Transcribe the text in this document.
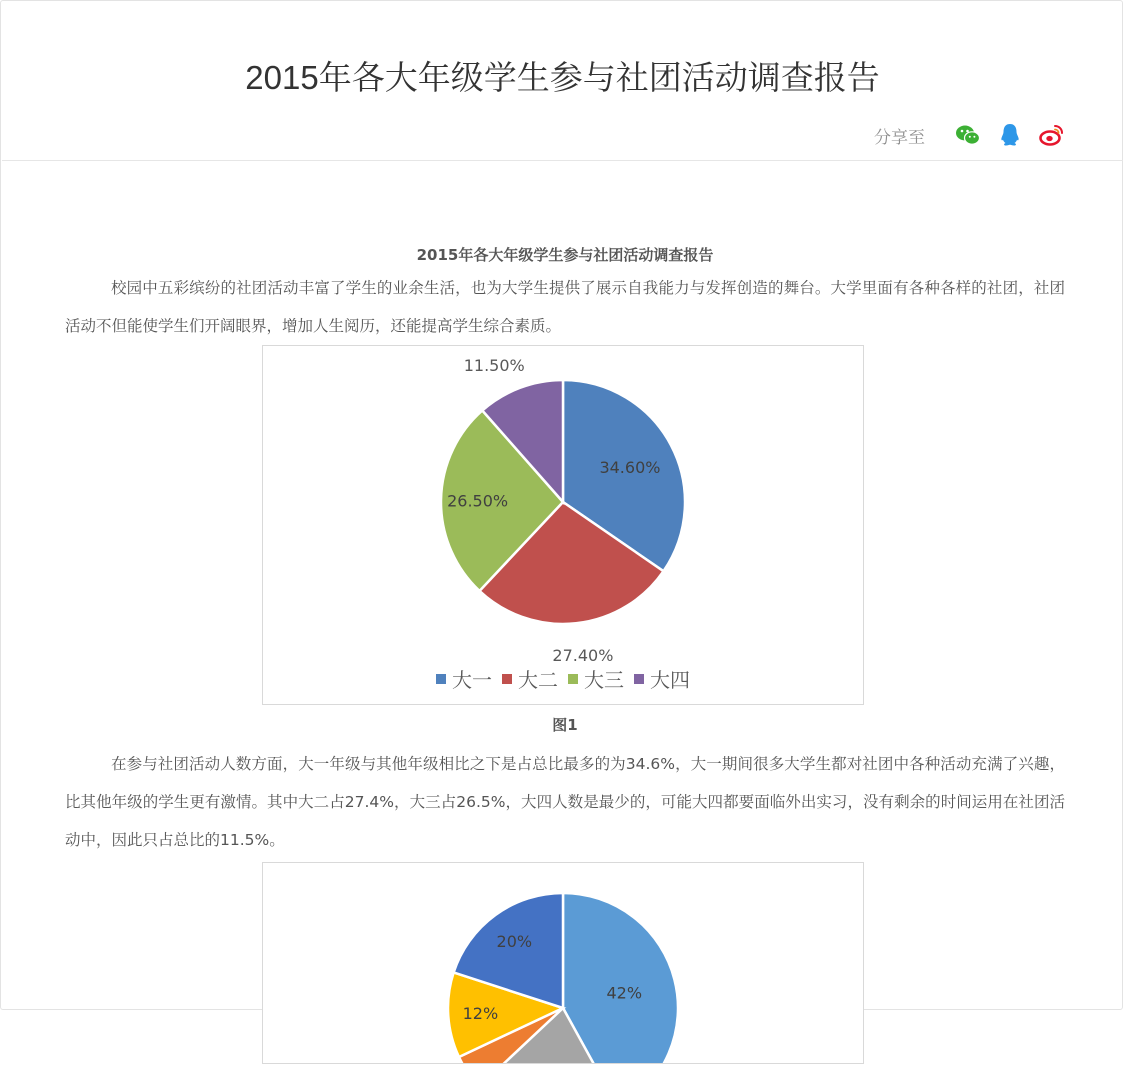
2015年各大年级学生参与社团活动调查报告
分享至
2015年各大年级学生参与社团活动调查报告

校园中五彩缤纷的社团活动丰富了学生的业余生活，也为大学生提供了展示自我能力与发挥创造的舞台。大学里面有各种各样的社团，社团活动不但能使学生们开阔眼界，增加人生阅历，还能提高学生综合素质。

34.60%
27.40%
26.50%
11.50%
大一 大二 大三 大四
图1

在参与社团活动人数方面，大一年级与其他年级相比之下是占总比最多的为34.6%，大一期间很多大学生都对社团中各种活动充满了兴趣，比其他年级的学生更有激情。其中大二占27.4%，大三占26.5%，大四人数是最少的，可能大四都要面临外出实习，没有剩余的时间运用在社团活动中，因此只占总比的11.5%。

42%
12%
20%
